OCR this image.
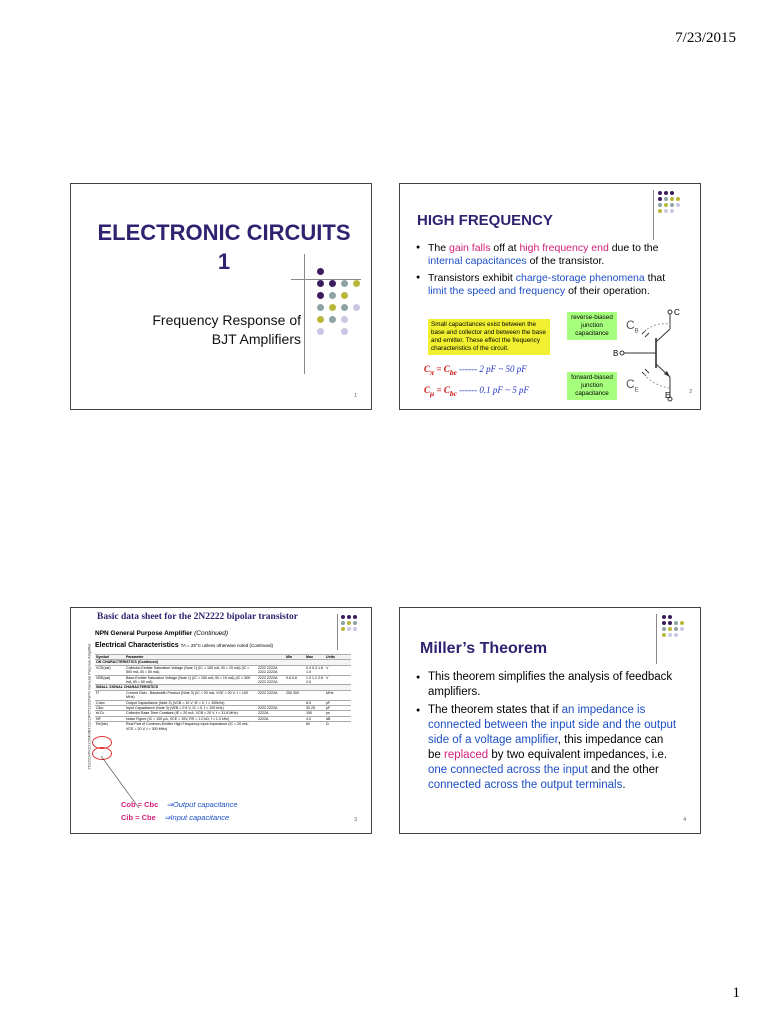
7/23/2015
ELECTRONIC CIRCUITS
1
Frequency Response of
BJT Amplifiers
1
HIGH FREQUENCY
● The gain falls off at high frequency end due to the internal capacitances of the transistor.
● Transistors exhibit charge-storage phenomena that limit the speed and frequency of their operation.
Small capacitances exist between the base and collector and between the base and emitter. These effect the frequency characteristics of the circuit.
reverse-biased junction capacitance
forward-biased junction capacitance
$C_\pi = C_{be}$ ------ 2 pF ~ 50 pF
$C_\mu = C_{bc}$ ------ 0.1 pF ~ 5 pF
C
B
E
$C_B$
$C_E$	2
Basic data sheet for the 2N2222 bipolar transistor
2N2222/PN2222/MMBT2222/PZT2222/NPN General Purpose Amplifier
NPN General Purpose Amplifier (Continued)
Electrical Characteristics TA = 25°C unless otherwise noted (Continued)
Symbol	Parameter		Min	Max	Units
ON CHARACTERISTICS (Continued)					
VCE(sat)	Collector-Emitter Saturation Voltage (Note 1) (IC = 150 mA, IB = 15 mA) (IC = 500 mA, IB = 50 mA)	2222 2222A 2222 2222A		0.4 0.3 1.6 1.0	V
VBE(sat)	Base-Emitter Saturation Voltage (Note 1) (IC = 150 mA, IB = 15 mA) (IC = 500 mA, IB = 50 mA)	2222 2222A 2222 2222A	0.6 0.6	1.3 1.2 2.6 2.0	V
SMALL SIGNAL CHARACTERISTICS					
fT	Current Gain - Bandwidth Product (Note 3) (IC = 20 mA, VCE = 20 V, f = 100 MHz)	2222 2222A	250 300		MHz
Cobo	Output Capacitance (Note 3) (VCB = 10 V, IE = 0, f = 100kHz)			8.0	pF
Cibo	Input Capacitance (Note 3) (VEB = 0.5 V, IC = 0, f = 100 kHz)	2222 2222A		30 25	pF
rb'Cc	Collector Base Time Constant (IE = 20 mA, VCB = 20 V, f = 31.8 MHz)	2222A		150	ps
NF	Noise Figure (IC = 100 μA, VCE = 10V, RS = 1.0 kΩ, f = 1.0 kHz)	2222A		4.0	dB
Re(hie)	Real Part of Common-Emitter High Frequency Input Impedance (IC = 20 mA, VCE = 20 V, f = 300 MHz)			60	Ω
Cob = Cbc ⇒Output capacitance
Cib = Cbe ⇒Input capacitance	3
Miller’s Theorem
● This theorem simplifies the analysis of feedback amplifiers.
● The theorem states that if an impedance is connected between the input side and the output side of a voltage amplifier, this impedance can be replaced by two equivalent impedances, i.e. one connected across the input and the other connected across the output terminals.
4
1
